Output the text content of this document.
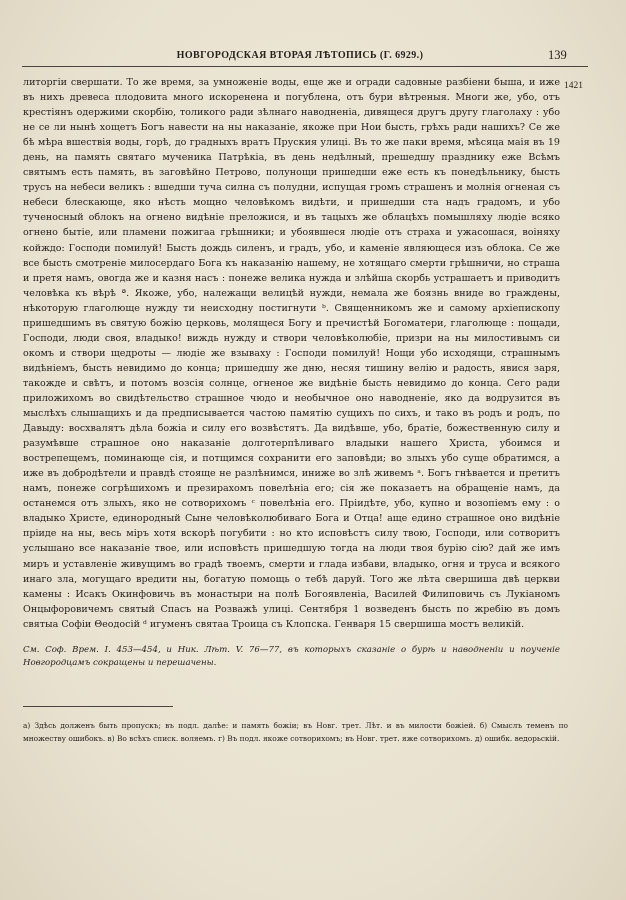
НОВГОРОДСКАЯ ВТОРАЯ ЛѢТОПИСЬ (Г. 6929.)	139
1421
литоргiи свершати. То же время, за умноженiе воды, еще же и огради садовные разбiени быша, и иже въ нихъ древеса плодовита много искоренена и погублена, отъ бури вѣтреныя. Многи же, убо, отъ крестiянъ одержими скорбiю, толикого ради зѣлнаго наводненiа, дивящеся другъ другу глаголаху : убо не се ли нынѣ хощетъ Богъ навести на ны наказанiе, якоже при Нои бысть, грѣхъ ради нашихъ? Се же бѣ мѣра вшествiя воды, горѣ, до градныхъ вратъ Пруския улицi. Въ то же паки время, мѣсяца маiя въ 19 день, на память святаго мученика Патрѣкiа, въ день недѣлный, прешедшу празднику еже Всѣмъ святымъ есть память, въ заговѣйно Петрово, полунощи пришедши еже есть къ понедѣльнику, бысть трусъ на небеси великъ : вшедши туча силна съ полудни, испущая громъ страшенъ и молнiя огненая съ небеси блескающе, яко нѣсть мощно человѣкомъ видѣти, и пришедши ста надъ градомъ, и убо тученосный облокъ на огнено видѣнiе преложися, и въ тацыхъ же облацѣхъ помышляху людiе всяко огнено бытiе, или пламени пожигаа грѣшники; и убоявшеся людiе отъ страха и ужасошася, воiняху койждо: Господи помилуй! Бысть дождь силенъ, и градъ, убо, и каменiе являющеся изъ облока. Се же все бысть смотренiе милосердаго Бога къ наказанiю нашему, не хотящаго смерти грѣшничи, но страша и претя намъ, овогда же и казня насъ : понеже велика нужда и злѣйша скорбь устрашаетъ и приводитъ человѣка къ вѣрѣ ª. Якоже, убо, належащи велицѣй нужди, немала же боязнь вниде во граждены, нѣкоторую глаголюще нужду ти неисходну постигнути ᵇ. Священникомъ же и самому архiепископу пришедшимъ въ святую божiю церковь, молящеся Богу и пречистѣй Богоматери, глаголюще : пощади, Господи, люди своя, владыко! виждь нужду и створи человѣколюбiе, призри на ны милостивымъ си окомъ и створи щедроты — людiе же взываху : Господи помилуй! Нощи убо исходящи, страшнымъ видѣнiемъ, бысть невидимо до конца; пришедшу же дню, несяя тишину велiю и радость, явися заря, такожде и свѣтъ, и потомъ возсiя солнце, огненое же видѣнiе бысть невидимо до конца. Сего ради приложихомъ во свидѣтельство страшное чюдо и необычное оно наводненiе, яко да водрузится въ мыслѣхъ слышащихъ и да предписывается частою памятiю сущихъ по сихъ, и тако въ родъ и родъ, по Давыду: восхвалятъ дѣла божiа и силу его возвѣстятъ. Да видѣвше, убо, братiе, божественную силу и разумѣвше страшное оно наказанiе долготерпѣливаго владыки нашего Христа, убоимся и вострепещемъ, поминающе сiя, и потщимся сохранити его заповѣди; во злыхъ убо суще обратимся, а иже въ добродѣтели и правдѣ стояще не разлѣнимся, иниже во злѣ живемъ ᵃ. Богъ гнѣвается и претитъ намъ, понеже согрѣшихомъ и презирахомъ повелѣнiа его; сiя же показаетъ на обращенiе намъ, да останемся отъ злыхъ, яко не сотворихомъ ᶜ повелѣнiа его. Прiидѣте, убо, купно и возопiемъ ему : о владыко Христе, единородный Сыне человѣколюбиваго Бога и Отца! аще едино страшное оно видѣнiе прiиде на ны, весь мiръ хотя вскорѣ погубити : но кто исповѣстъ силу твою, Господи, или сотворитъ услышано все наказанiе твое, или исповѣсть пришедшую тогда на люди твоя бурiю сiю? дай же имъ миръ и уставленiе живущимъ во градѣ твоемъ, смерти и глада избави, владыко, огня и труса и всякого инаго зла, могущаго вредити ны, богатую помощь о тебѣ даруй. Того же лѣта свершиша двѣ церкви камены : Исакъ Окинфовичь въ монастыри на полѣ Богоявленiа, Василей Филиповичь съ Лукiаномъ Онцыфоровичемъ святый Спасъ на Розважѣ улицi. Сентября 1 возведенъ бысть по жребiю въ домъ святыа Софiи Θеодосiй ᵈ игуменъ святаа Троица съ Клопска. Генваря 15 свершиша мостъ великiй.
См. Соф. Врем. I. 453—454, и Ник. Лѣт. V. 76—77, въ которыхъ сказанiе о бурѣ и наводненiи и поученiе Новгородцамъ сокращены и перешачены.
а) Здѣсь долженъ быть пропускъ; въ подл. далѣе: и память божiи; въ Новг. трет. Лѣт. и въ милости божiей. б) Смыслъ теменъ по множеству ошибокъ. в) Во всѣхъ списк. воляемъ. г) Въ подл. якоже сотворихомъ; въ Новг. трет. яже сотворихомъ. д) ошибк. ведорьскiй.
